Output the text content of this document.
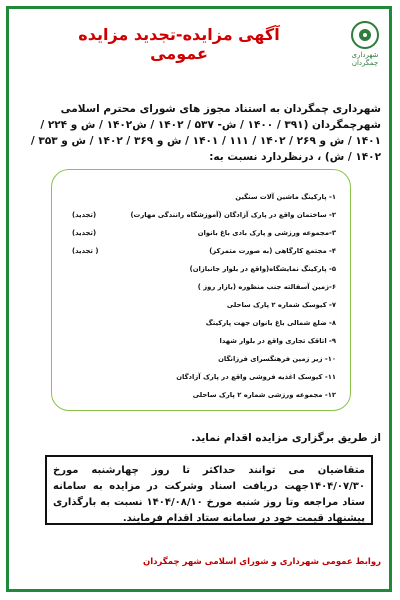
شهرداری چمگردان
آگهی مزایده-تجدید مزایده عمومی
شهرداری چمگردان به استناد مجوز های شورای محترم اسلامی شهرچمگردان (۳۹۱ / ۱۴۰۰ / ش- ۵۳۷ / ۱۴۰۲ / ش۱۴۰۲ / ش و ۲۲۴ / ۱۴۰۱ / ش و ۲۶۹ / ۱۴۰۲ / ۱۱۱ / ۱۴۰۱ / ش و ۳۶۹ / ۱۴۰۲ / ش و ۳۵۳ / ۱۴۰۲ / ش) ، درنظردارد نسبت به:
۱- پارکینگ ماشین آلات سنگین
۲- ساختمان واقع در پارک آزادگان (آموزشگاه رانندگی مهارت)
(تجدید)
۳-مجموعه ورزشی و پارک بادی باغ بانوان
(تجدید)
۴- مجتمع کارگاهی (به صورت متمرکز)
( تجدید)
۵- پارکینگ نمایشگاه(واقع در بلوار جانبازان)
۶-زمین آسفالته جنب منظوره (بازار روز )
۷- کیوسک شماره ۲ پارک ساحلی
۸- ضلع شمالی باغ بانوان جهت پارکینگ
۹- اتاقک تجاری واقع در بلوار شهدا
۱۰- زیر زمین فرهنگسرای فرزانگان
۱۱- کیوسک اغذیه فروشی واقع در پارک آزادگان
۱۲- مجموعه ورزشی شماره ۲ پارک ساحلی
از طریق برگزاری مزایده اقدام نماید.
متقاضیان می توانند حداکثر تا روز چهارشنبه مورخ ۱۴۰۴/۰۷/۳۰جهت دریافت اسناد وشرکت در مزایده به سامانه ستاد مراجعه وتا روز شنبه مورخ ۱۴۰۴/۰۸/۱۰ نسبت به بارگذاری پیشنهاد قیمت خود در سامانه ستاد اقدام فرمایند.
روابط عمومی شهرداری و شورای اسلامی شهر چمگردان
